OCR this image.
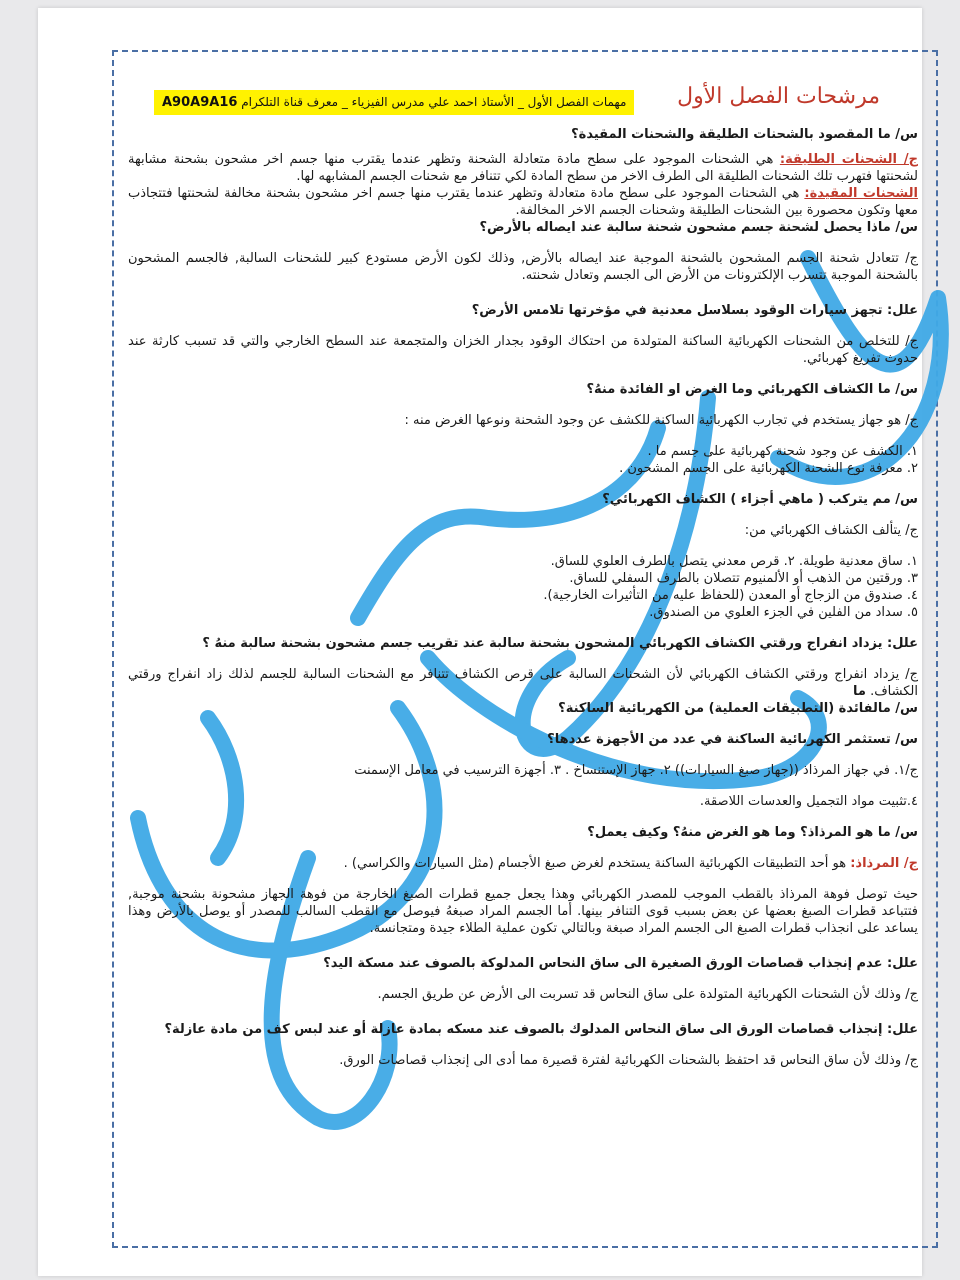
مرشحات الفصل الأول
مهمات الفصل الأول _ الأستاذ احمد علي مدرس الفيزياء _ معرف قناة التلكرام A90A9A16

س/ ما المقصود بالشحنات الطليقة والشحنات المقيدة؟

ج/ الشحنات الطليقة: هي الشحنات الموجود على سطح مادة متعادلة الشحنة وتظهر عندما يقترب منها جسم اخر مشحون بشحنة مشابهة لشحنتها فتهرب تلك الشحنات الطليقة الى الطرف الاخر من سطح المادة لكي تتنافر مع شحنات الجسم المشابهه لها.

الشحنات المقيدة: هي الشحنات الموجود على سطح مادة متعادلة وتظهر عندما يقترب منها جسم اخر مشحون بشحنة مخالفة لشحنتها فتتجاذب معها وتكون محصورة بين الشحنات الطليقة وشحنات الجسم الاخر المخالفة.

س/ ماذا يحصل لشحنة جسم مشحون شحنة سالبة عند ايصاله بالأرض؟

ج/ تتعادل شحنة الجسم المشحون بالشحنة الموجبة عند ايصاله بالأرض, وذلك لكون الأرض مستودع كبير للشحنات السالبة, فالجسم المشحون بالشحنة الموجبة تتسرب الإلكترونات من الأرض الى الجسم وتعادل شحنته.

علل: تجهز سيارات الوقود بسلاسل معدنية في مؤخرتها تلامس الأرض؟

ج/ للتخلص من الشحنات الكهربائية الساكنة المتولدة من احتكاك الوقود بجدار الخزان والمتجمعة عند السطح الخارجي والتي قد تسبب كارثة عند حدوث تفريغ كهربائي.

س/ ما الكشاف الكهربائي وما الغرض او الفائدة منهُ؟

ج/ هو جهاز يستخدم في تجارب الكهربائية الساكنة للكشف عن وجود الشحنة ونوعها الغرض منه :

١. الكشف عن وجود شحنة كهربائية على جسم ما .

٢. معرفة نوع الشحنة الكهربائية على الجسم المشحون .

س/ مم يتركب ( ماهي أجزاء ) الكشاف الكهربائي؟

ج/ يتألف الكشاف الكهربائي من:

١. ساق معدنية طويلة. ٢. قرص معدني يتصل بالطرف العلوي للساق.

٣. ورقتين من الذهب أو الألمنيوم تتصلان بالطرف السفلي للساق.

٤. صندوق من الزجاج أو المعدن (للحفاظ عليه من التأثيرات الخارجية).

٥. سداد من الفلين في الجزء العلوي من الصندوق.

علل: يزداد انفراج ورقتي الكشاف الكهربائي المشحون بشحنة سالبة عند تقريب جسم مشحون بشحنة سالبة منهُ ؟

ج/ يزداد انفراج ورقتي الكشاف الكهربائي لأن الشحنات السالبة على قرص الكشاف تتنافر مع الشحنات السالبة للجسم لذلك زاد انفراج ورقتي الكشاف. ما

س/ مالفائدة (التطبيقات العملية) من الكهربائية الساكنة؟

س/ تستثمر الكهربائية الساكنة في عدد من الأجهزة عددها؟

ج/١. في جهاز المرذاذ ((جهاز صبغ السيارات)) ٢. جهاز الإستنساخ . ٣. أجهزة الترسيب في معامل الإسمنت

٤.تثبيت مواد التجميل والعدسات اللاصقة.

س/ ما هو المرذاذ؟ وما هو الغرض منهُ؟ وكيف يعمل؟

ج/ المرذاذ: هو أحد التطبيقات الكهربائية الساكنة يستخدم لغرض صبغ الأجسام (مثل السيارات والكراسي) .

حيث توصل فوهة المرذاذ بالقطب الموجب للمصدر الكهربائي وهذا يجعل جميع قطرات الصبغ الخارجة من فوهة الجهاز مشحونة بشحنة موجبة, فتتباعد قطرات الصبغ بعضها عن بعض بسبب قوى التنافر بينها. أما الجسم المراد صبغهُ فيوصل مع القطب السالب للمصدر أو يوصل بالأرض وهذا يساعد على انجذاب قطرات الصبغ الى الجسم المراد صبغة وبالتالي تكون عملية الطلاء جيدة ومتجانسة.

علل: عدم إنجذاب قصاصات الورق الصغيرة الى ساق النحاس المدلوكة بالصوف عند مسكة اليد؟

ج/ وذلك لأن الشحنات الكهربائية المتولدة على ساق النحاس قد تسربت الى الأرض عن طريق الجسم.

علل: إنجذاب قصاصات الورق الى ساق النحاس المدلوك بالصوف عند مسكه بمادة عازلة أو عند لبس كف من مادة عازلة؟

ج/ وذلك لأن ساق النحاس قد احتفظ بالشحنات الكهربائية لفترة قصيرة مما أدى الى إنجذاب قصاصات الورق.
